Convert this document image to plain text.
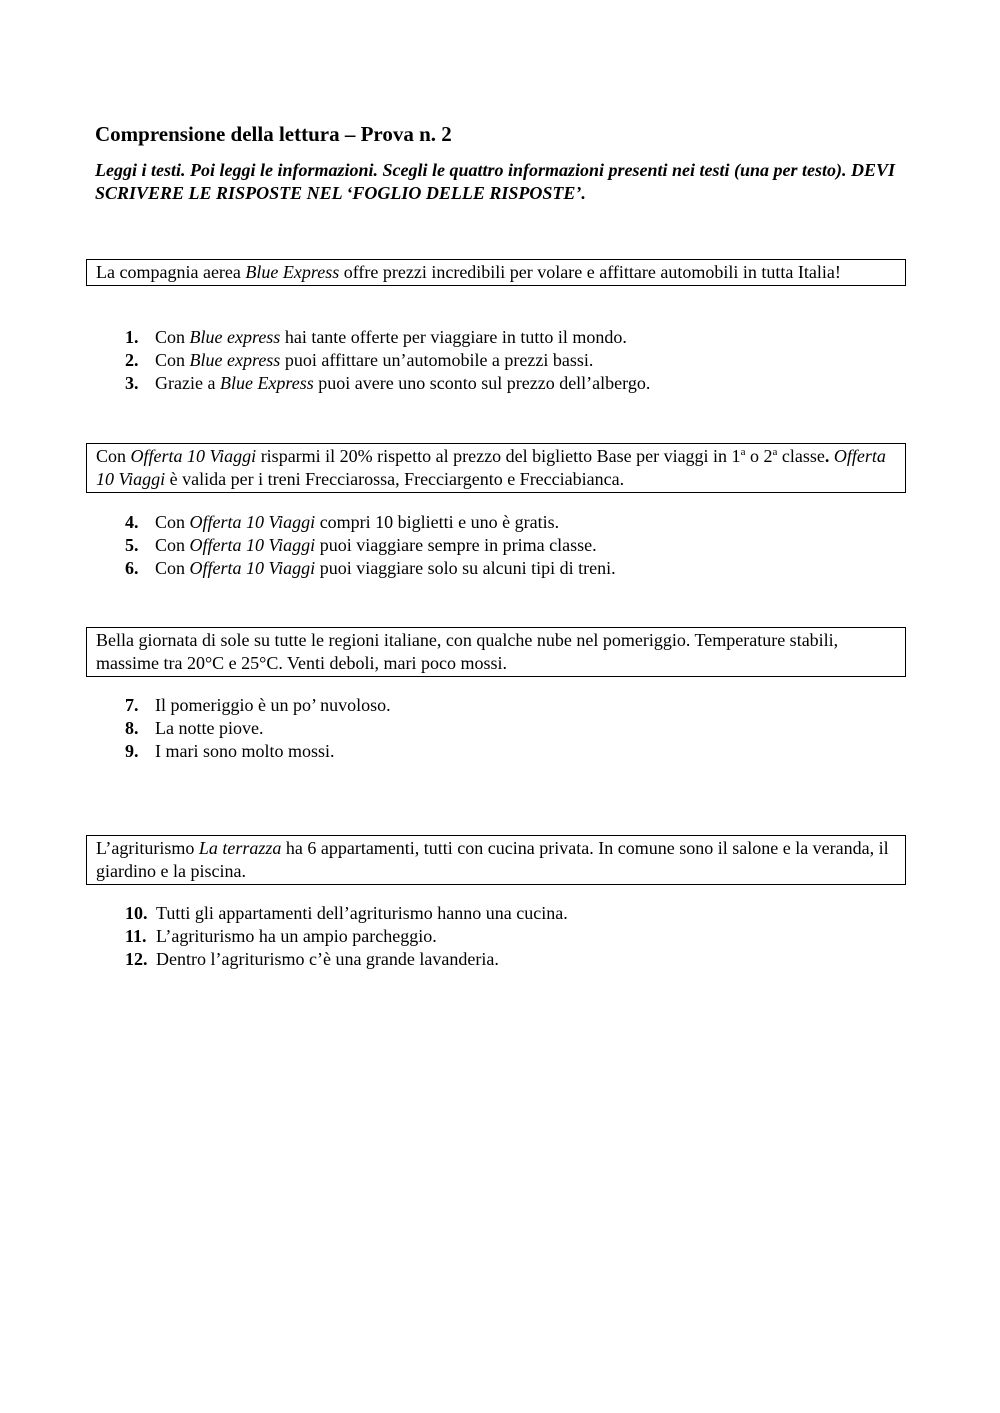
Comprensione della lettura – Prova n. 2

Leggi i testi. Poi leggi le informazioni. Scegli le quattro informazioni presenti nei testi (una per testo). DEVI SCRIVERE LE RISPOSTE NEL ‘FOGLIO DELLE RISPOSTE’.

La compagnia aerea Blue Express offre prezzi incredibili per volare e affittare automobili in tutta Italia!
1. Con Blue express hai tante offerte per viaggiare in tutto il mondo.
2. Con Blue express puoi affittare un’automobile a prezzi bassi.
3. Grazie a Blue Express puoi avere uno sconto sul prezzo dell’albergo.
Con Offerta 10 Viaggi risparmi il 20% rispetto al prezzo del biglietto Base per viaggi in 1$^a$ o 2$^a$ classe. Offerta 10 Viaggi è valida per i treni Frecciarossa, Frecciargento e Frecciabianca.
4. Con Offerta 10 Viaggi compri 10 biglietti e uno è gratis.
5. Con Offerta 10 Viaggi puoi viaggiare sempre in prima classe.
6. Con Offerta 10 Viaggi puoi viaggiare solo su alcuni tipi di treni.
Bella giornata di sole su tutte le regioni italiane, con qualche nube nel pomeriggio. Temperature stabili, massime tra 20°C e 25°C. Venti deboli, mari poco mossi.
7. Il pomeriggio è un po’ nuvoloso.
8. La notte piove.
9. I mari sono molto mossi.
L’agriturismo La terrazza ha 6 appartamenti, tutti con cucina privata. In comune sono il salone e la veranda, il giardino e la piscina.
10. Tutti gli appartamenti dell’agriturismo hanno una cucina.
11. L’agriturismo ha un ampio parcheggio.
12. Dentro l’agriturismo c’è una grande lavanderia.
